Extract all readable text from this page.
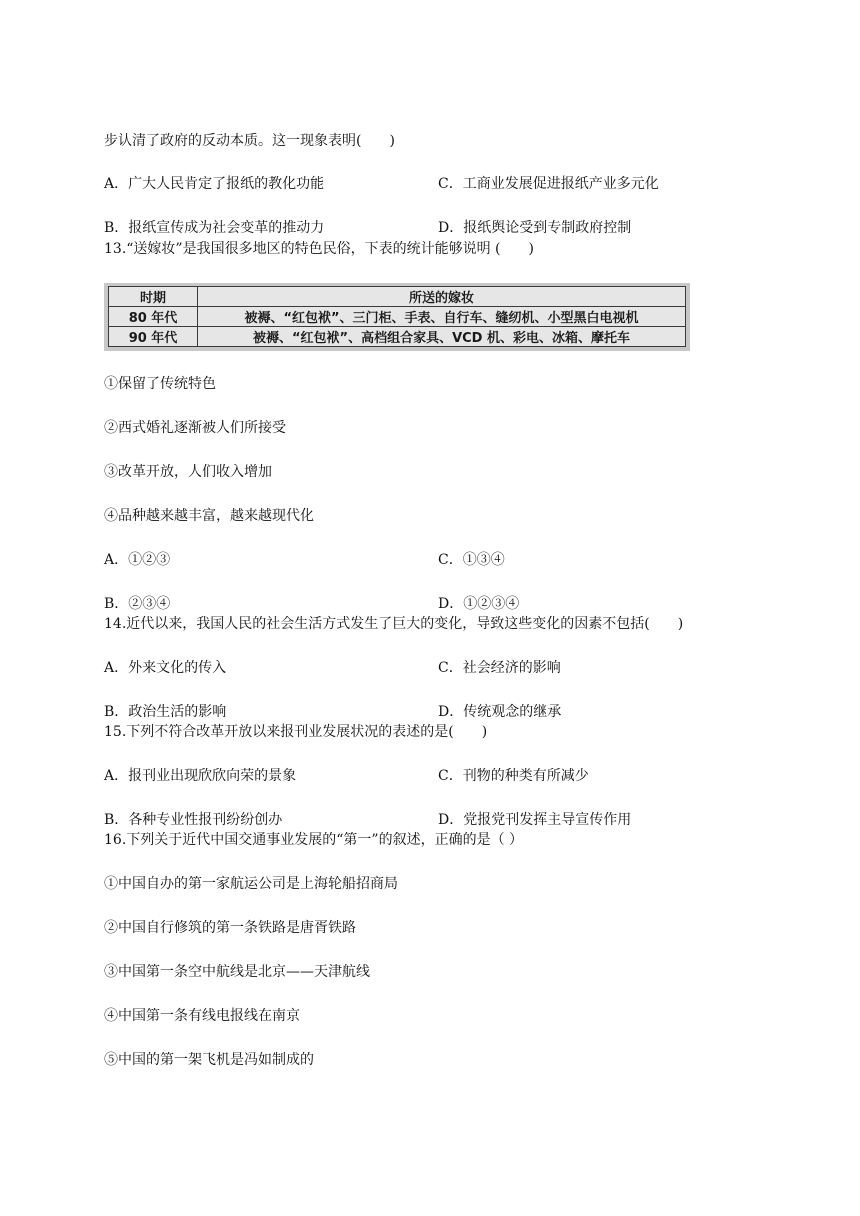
步认清了政府的反动本质。这一现象表明(　　)
A．广大人民肯定了报纸的教化功能	C．工商业发展促进报纸产业多元化
B．报纸宣传成为社会变革的推动力	D．报纸舆论受到专制政府控制
13.“送嫁妆”是我国很多地区的特色民俗，下表的统计能够说明 (　　)
时期	所送的嫁妆
80 年代	被褥、“红包袱”、三门柜、手表、自行车、缝纫机、小型黑白电视机
90 年代	被褥、“红包袱”、高档组合家具、VCD 机、彩电、冰箱、摩托车
①保留了传统特色
②西式婚礼逐渐被人们所接受
③改革开放，人们收入增加
④品种越来越丰富，越来越现代化
A．①②③	C．①③④
B．②③④	D．①②③④
14.近代以来，我国人民的社会生活方式发生了巨大的变化，导致这些变化的因素不包括(　　)
A．外来文化的传入	C．社会经济的影响
B．政治生活的影响	D．传统观念的继承
15.下列不符合改革开放以来报刊业发展状况的表述的是(　　)
A．报刊业出现欣欣向荣的景象	C．刊物的种类有所减少
B．各种专业性报刊纷纷创办	D．党报党刊发挥主导宣传作用
16.下列关于近代中国交通事业发展的“第一”的叙述，正确的是（ ）
①中国自办的第一家航运公司是上海轮船招商局
②中国自行修筑的第一条铁路是唐胥铁路
③中国第一条空中航线是北京——天津航线
④中国第一条有线电报线在南京
⑤中国的第一架飞机是冯如制成的
